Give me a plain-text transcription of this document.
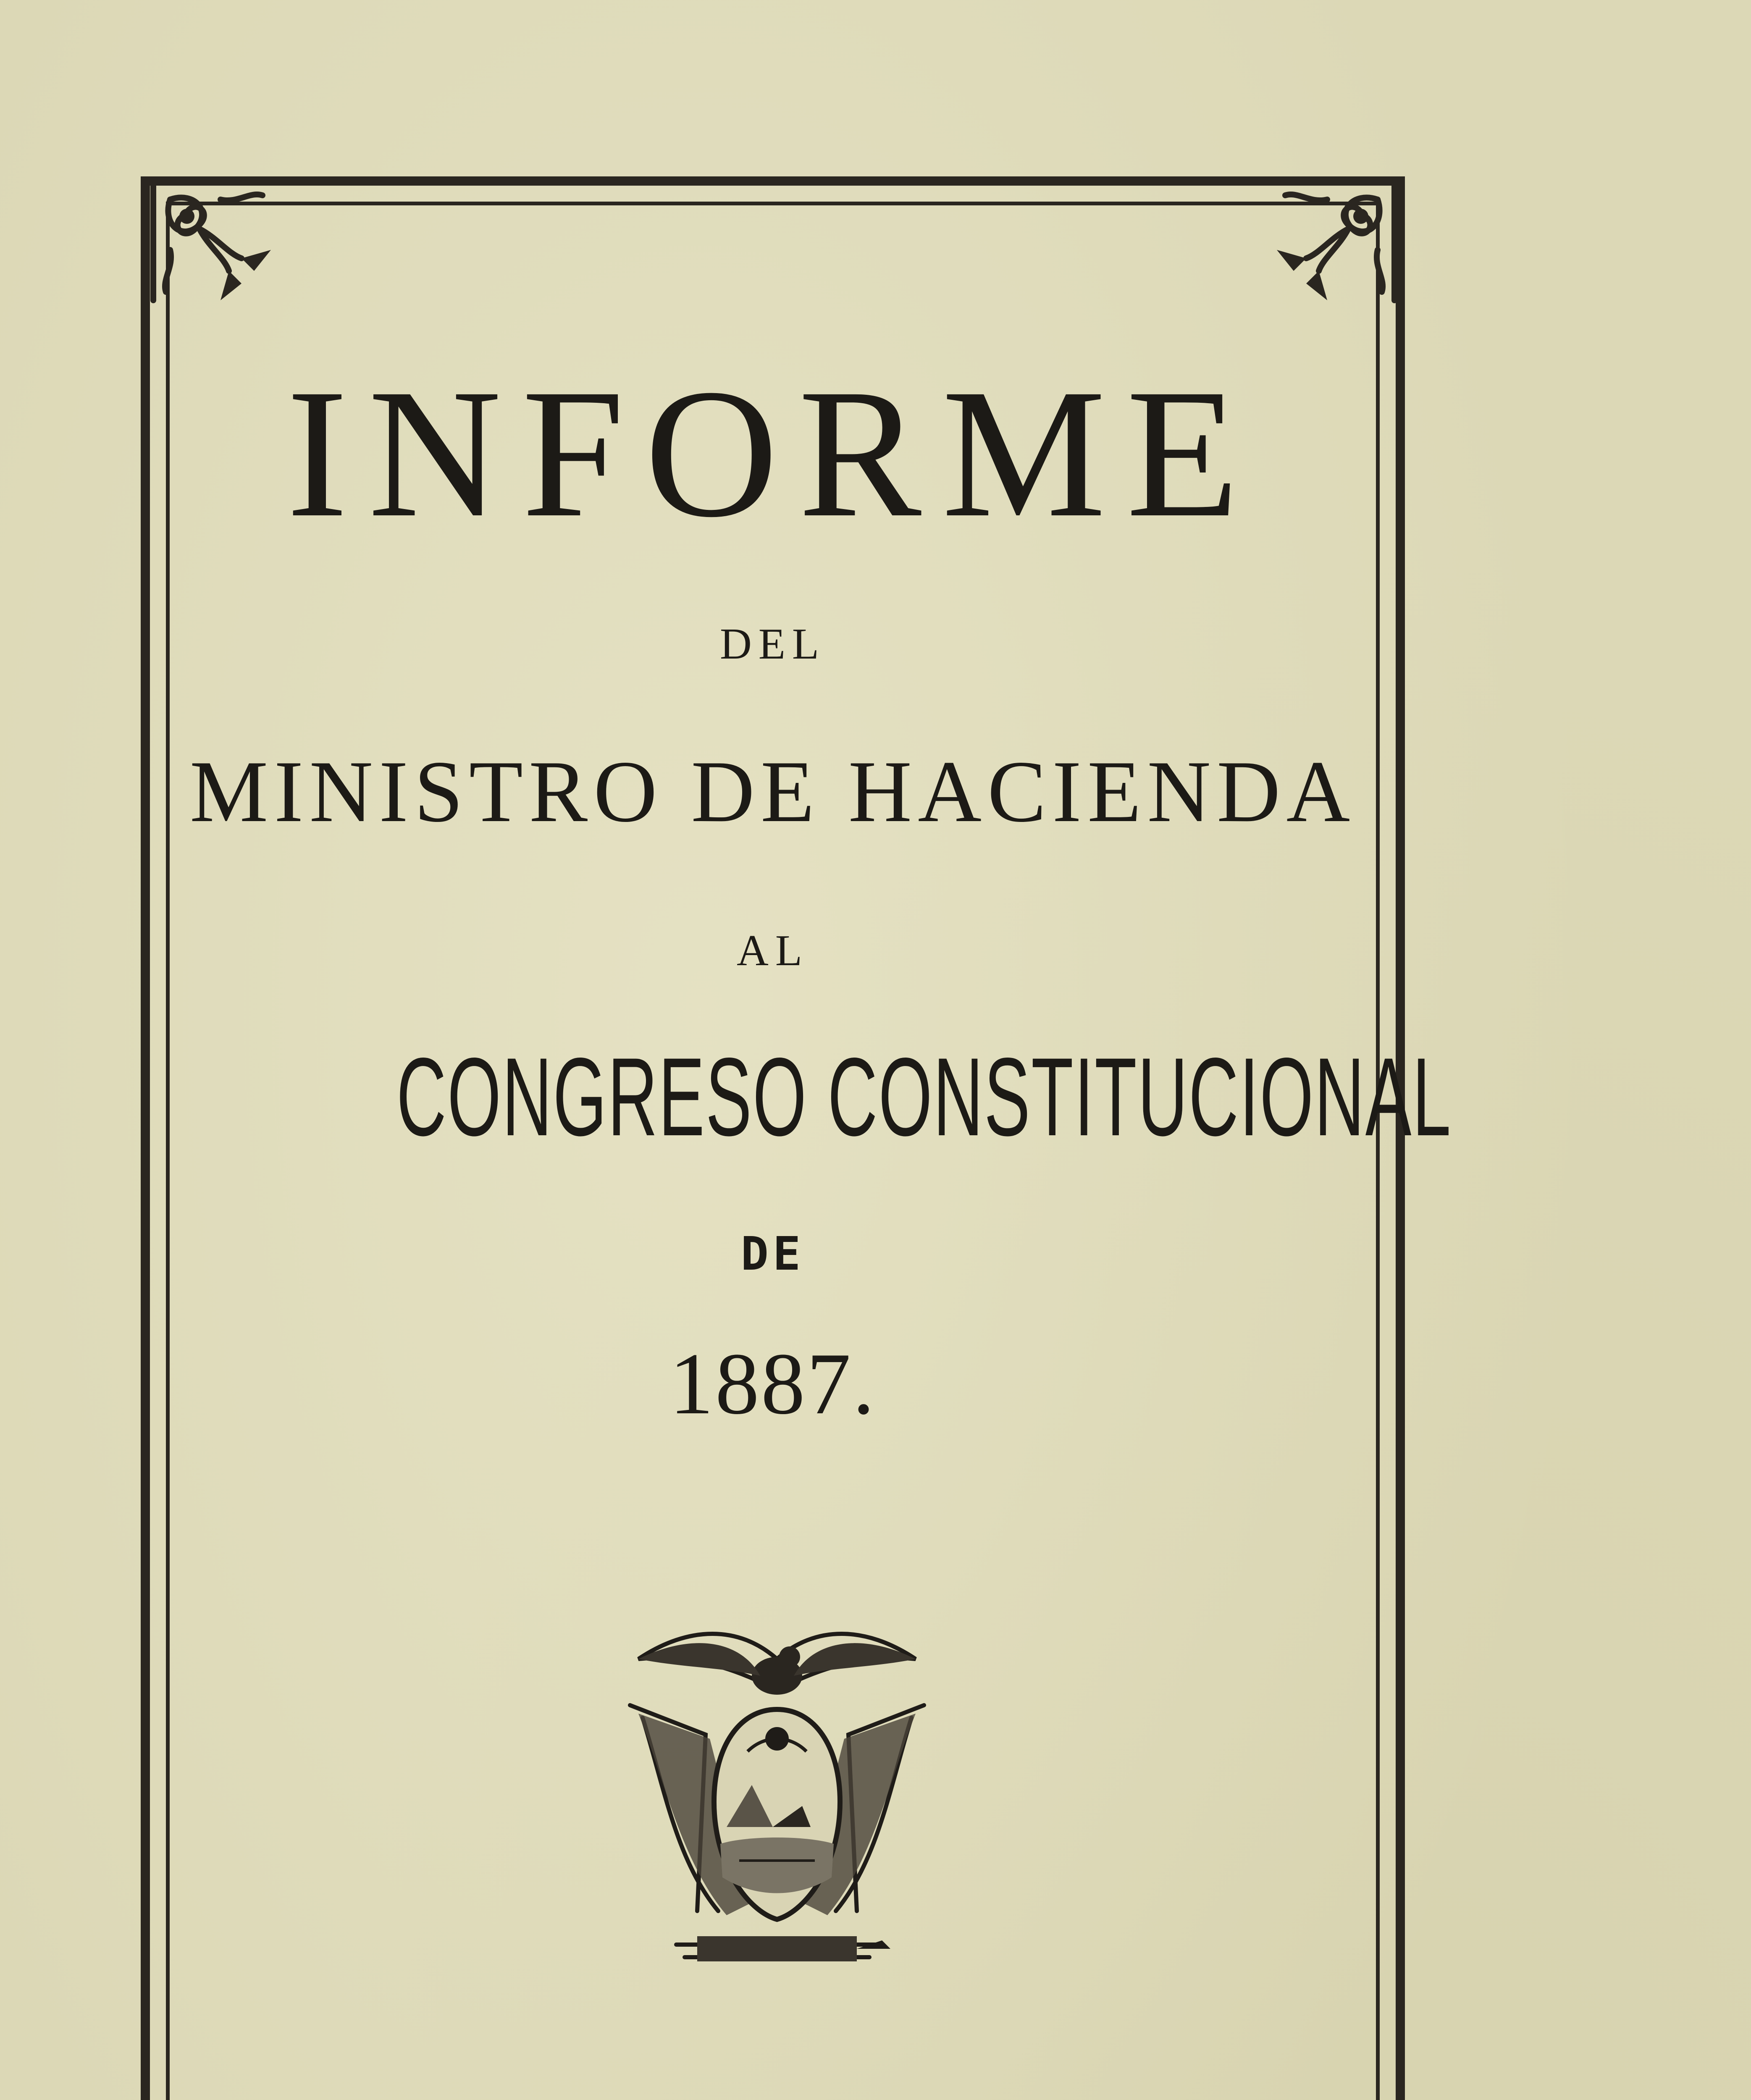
INFORME
DEL
MINISTRO DE HACIENDA
AL
CONGRESO CONSTITUCIONAL
DE
1887.
